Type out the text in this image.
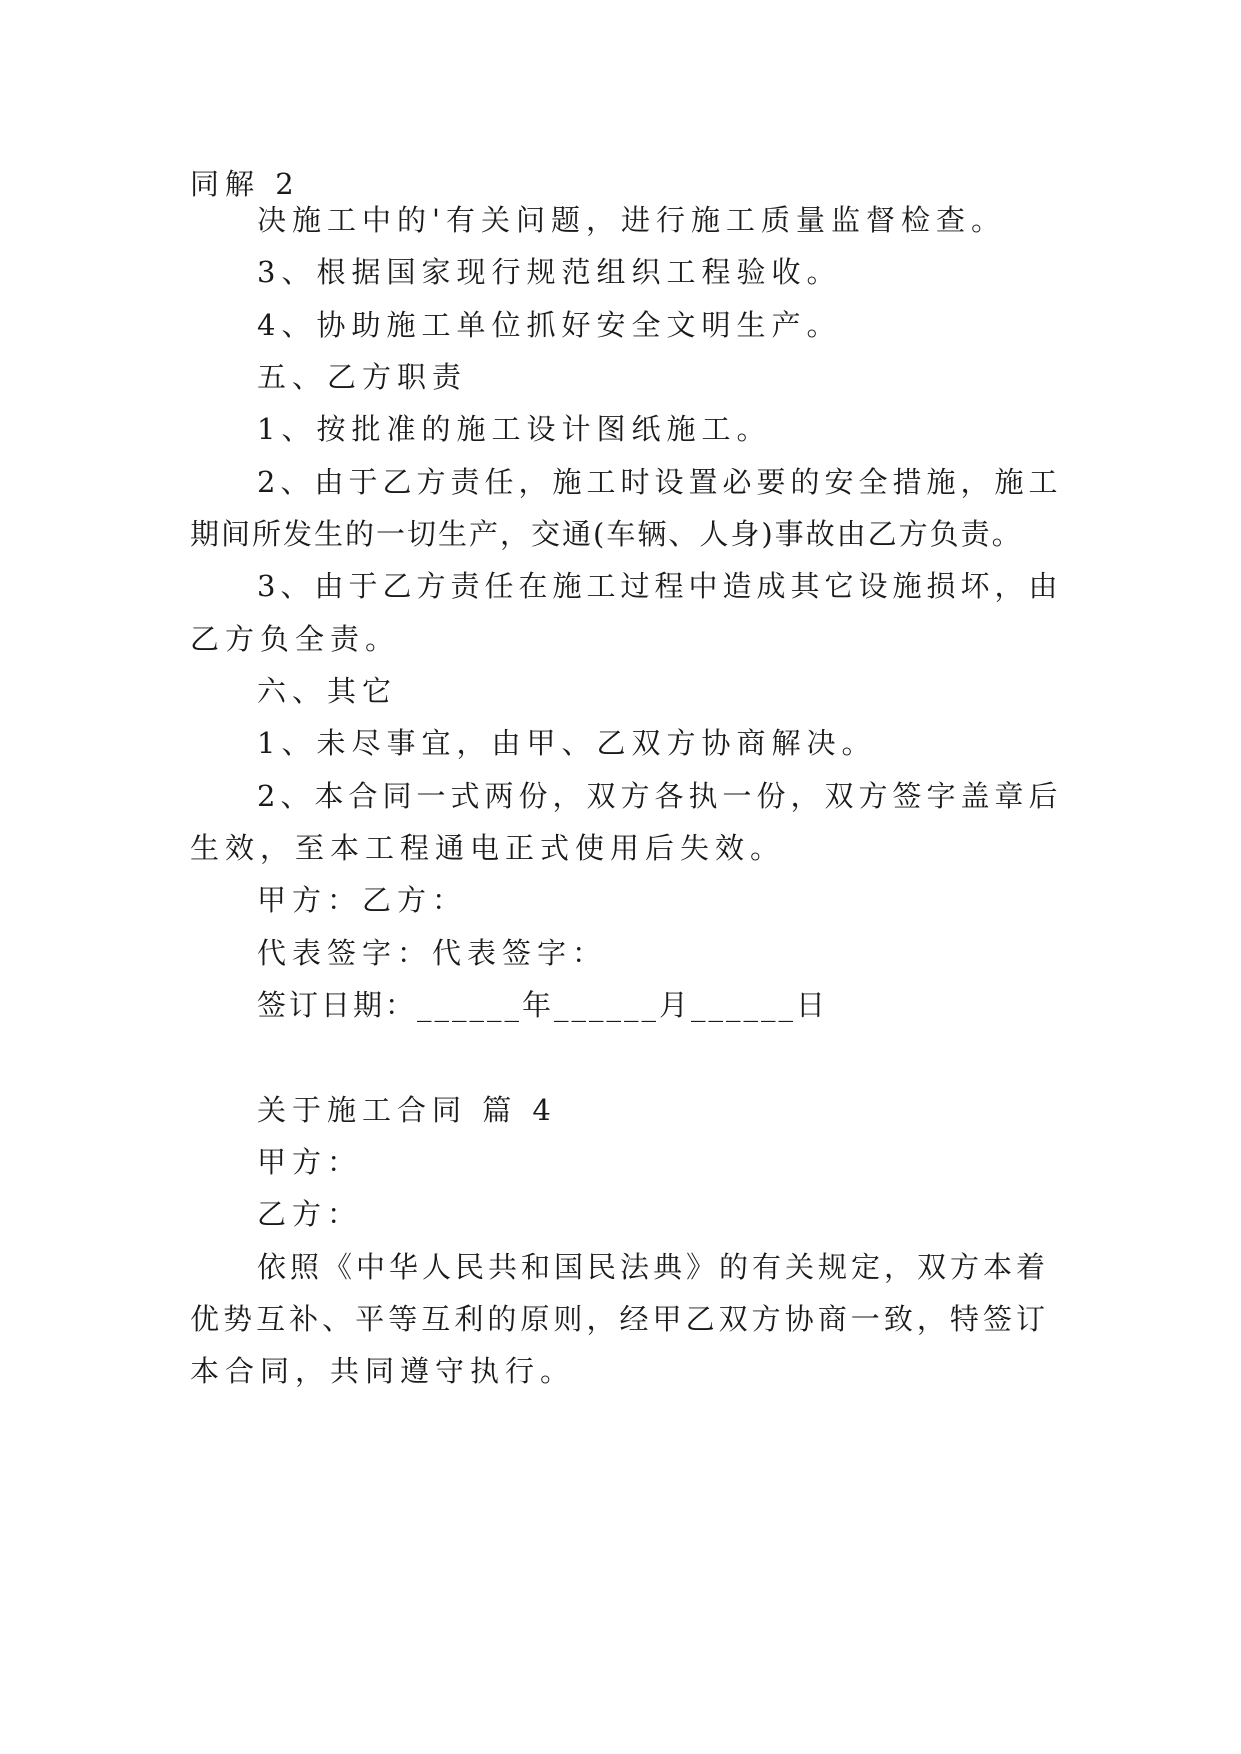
同解 2
决施工中的'有关问题，进行施工质量监督检查。
3、根据国家现行规范组织工程验收。
4、协助施工单位抓好安全文明生产。
五、乙方职责
1、按批准的施工设计图纸施工。
2、由于乙方责任，施工时设置必要的安全措施，施工
期间所发生的一切生产，交通(车辆、人身)事故由乙方负责。
3、由于乙方责任在施工过程中造成其它设施损坏，由
乙方负全责。
六、其它
1、未尽事宜，由甲、乙双方协商解决。
2、本合同一式两份，双方各执一份，双方签字盖章后
生效，至本工程通电正式使用后失效。
甲方：乙方：
代表签字：代表签字：
签订日期：______年______月______日
关于施工合同 篇 4
甲方：
乙方：
依照《中华人民共和国民法典》的有关规定，双方本着
优势互补、平等互利的原则，经甲乙双方协商一致，特签订
本合同，共同遵守执行。
